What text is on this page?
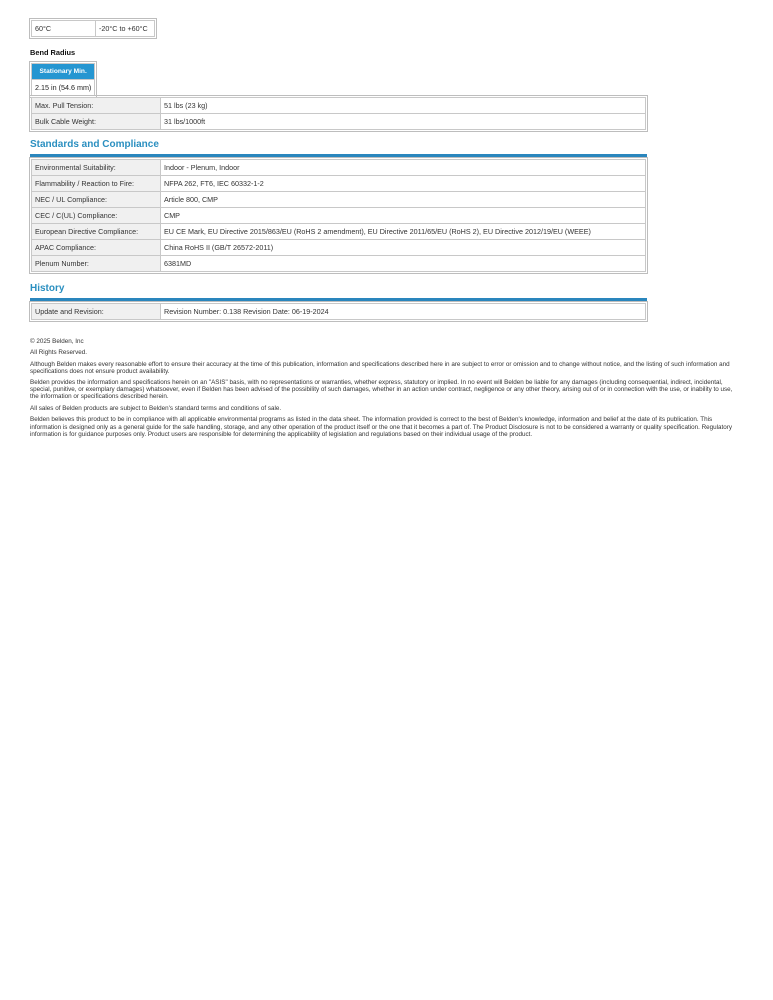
60°C	-20°C to +60°C
Bend Radius
Stationary Min.
2.15 in (54.6 mm)
Max. Pull Tension:	51 lbs (23 kg)
Bulk Cable Weight:	31 lbs/1000ft
Standards and Compliance
Environmental Suitability:	Indoor - Plenum, Indoor
Flammability / Reaction to Fire:	NFPA 262, FT6, IEC 60332-1-2
NEC / UL Compliance:	Article 800, CMP
CEC / C(UL) Compliance:	CMP
European Directive Compliance:	EU CE Mark, EU Directive 2015/863/EU (RoHS 2 amendment), EU Directive 2011/65/EU (RoHS 2), EU Directive 2012/19/EU (WEEE)
APAC Compliance:	China RoHS II (GB/T 26572-2011)
Plenum Number:	6381MD
History
Update and Revision:	Revision Number: 0.138 Revision Date: 06-19-2024

© 2025 Belden, Inc

All Rights Reserved.

Although Belden makes every reasonable effort to ensure their accuracy at the time of this publication, information and specifications described here in are subject to error or omission and to change without notice, and the listing of such information and specifications does not ensure product availability.

Belden provides the information and specifications herein on an "ASIS" basis, with no representations or warranties, whether express, statutory or implied. In no event will Belden be liable for any damages (including consequential, indirect, incidental, special, punitive, or exemplary damages) whatsoever, even if Belden has been advised of the possibility of such damages, whether in an action under contract, negligence or any other theory, arising out of or in connection with the use, or inability to use, the information or specifications described herein.

All sales of Belden products are subject to Belden's standard terms and conditions of sale.

Belden believes this product to be in compliance with all applicable environmental programs as listed in the data sheet. The information provided is correct to the best of Belden's knowledge, information and belief at the date of its publication. This information is designed only as a general guide for the safe handling, storage, and any other operation of the product itself or the one that it becomes a part of. The Product Disclosure is not to be considered a warranty or quality specification. Regulatory information is for guidance purposes only. Product users are responsible for determining the applicability of legislation and regulations based on their individual usage of the product.
